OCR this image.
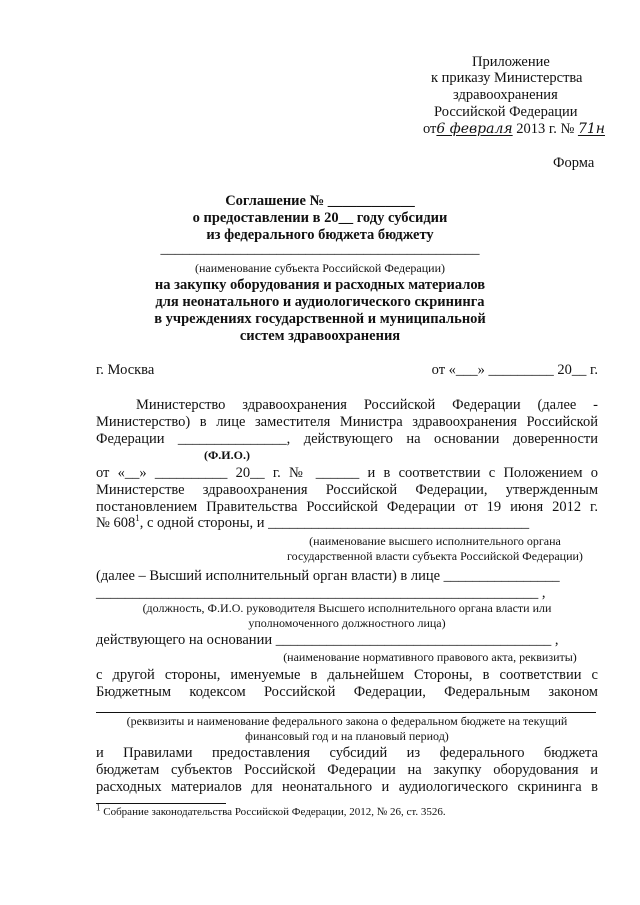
Приложение
к приказу Министерства
здравоохранения
Российской Федерации
от6 февраля 2013 г. № 71н
Форма
Соглашение № ____________
о предоставлении в 20__ году субсидии
из федерального бюджета бюджету
____________________________________________
(наименование субъекта Российской Федерации)
на закупку оборудования и расходных материалов
для неонатального и аудиологического скрининга
в учреждениях государственной и муниципальной
систем здравоохранения
г. Москва	от «___» _________ 20__ г.
Министерство здравоохранения Российской Федерации (далее -
Министерство) в лице заместителя Министра здравоохранения Российской
Федерации _______________, действующего на основании доверенности
(Ф.И.О.)
от «__» __________ 20__ г. № ______ и в соответствии с Положением о
Министерстве здравоохранения Российской Федерации, утвержденным
постановлением Правительства Российской Федерации от 19 июня 2012 г.
№ $608^1$, с одной стороны, и ____________________________________
(наименование высшего исполнительного органа
государственной власти субъекта Российской Федерации)
(далее – Высший исполнительный орган власти) в лице ________________
_____________________________________________________________ ,
(должность, Ф.И.О. руководителя Высшего исполнительного органа власти или
уполномоченного должностного лица)
действующего на основании ______________________________________ ,
(наименование нормативного правового акта, реквизиты)
с другой стороны, именуемые в дальнейшем Стороны, в соответствии с
Бюджетным кодексом Российской Федерации, Федеральным законом
(реквизиты и наименование федерального закона о федеральном бюджете на текущий
финансовый год и на плановый период)
и Правилами предоставления субсидий из федерального бюджета
бюджетам субъектов Российской Федерации на закупку оборудования и
расходных материалов для неонатального и аудиологического скрининга в
$^1$ Собрание законодательства Российской Федерации, 2012, № 26, ст. 3526.
